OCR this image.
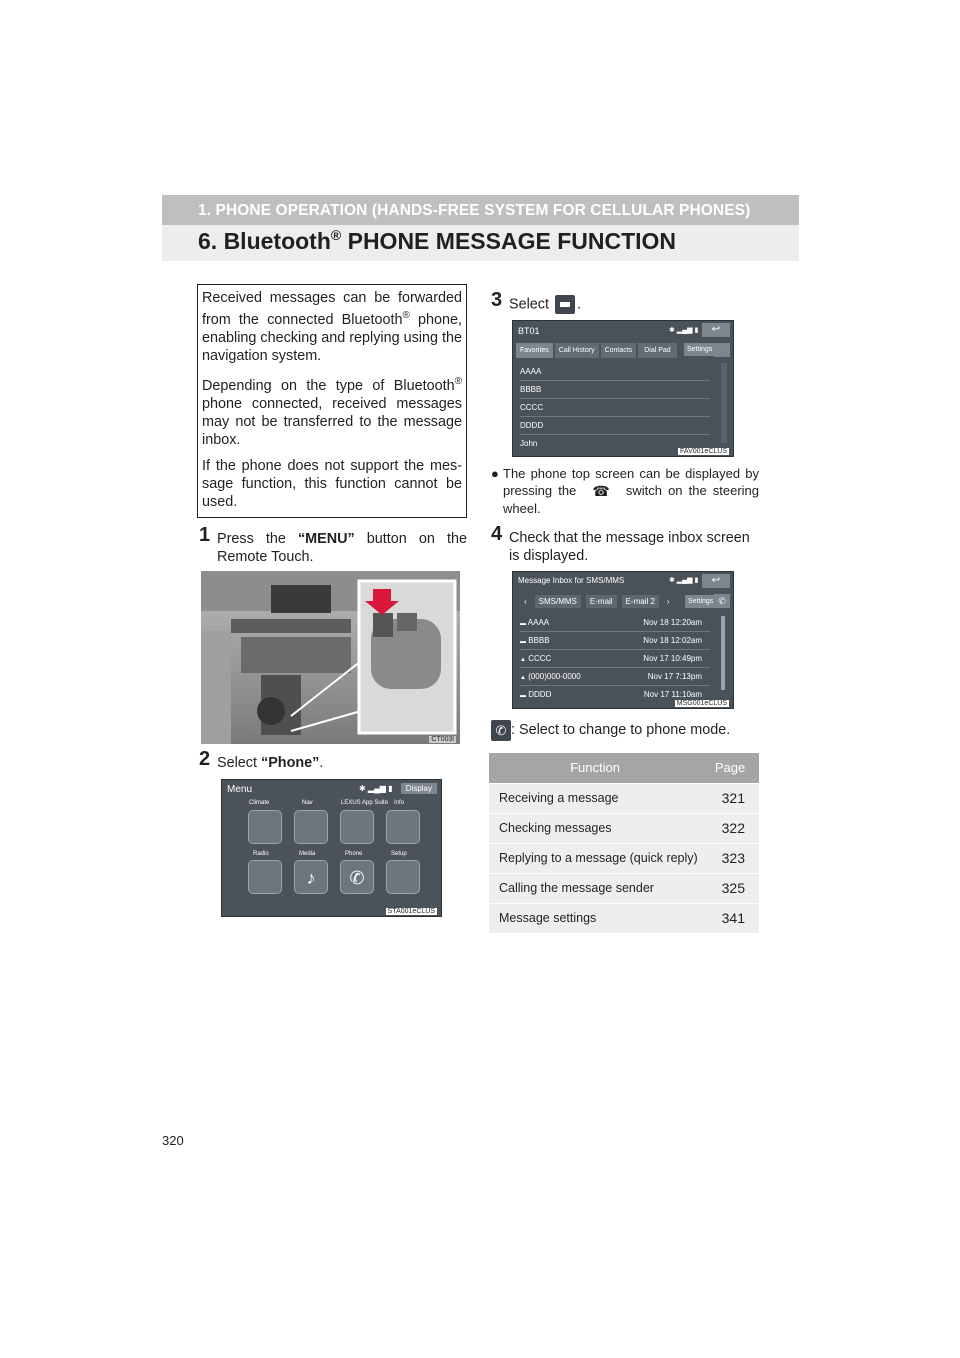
1. PHONE OPERATION (HANDS-FREE SYSTEM FOR CELLULAR PHONES)
6. Bluetooth® PHONE MESSAGE FUNCTION

Received messages can be forwarded from the connected Bluetooth® phone, enabling checking and replying using the navigation system.

Depending on the type of Bluetooth® phone connected, received messages may not be transferred to the message inbox.

If the phone does not support the mes- sage function, this function cannot be used.

1 Press the “MENU” button on the Remote Touch.
CT003l
2 Select “Phone”.
Menu	Display
✱ ▂▄▆ ▮
Climate	Nav	LEXUS App Suite Info
Radio	Media	Phone	Setup
♪	✆
STA001eCLUS
3 Select .
BT01	✱ ▂▄▆ ▮	↩
Favorites	Call History	Contacts	Dial Pad	Settings
AAAA
BBBB
CCCC
DDDD
John
FAV001eCLUS
● The phone top screen can be displayed by pressing the ☎ switch on the steering wheel.
4 Check that the message inbox screen is displayed.
Message Inbox for SMS/MMS	✱ ▂▄▆ ▮	↩
‹	SMS/MMS	E-mail	E-mail 2	›	Settings ✆
▬ AAAA	Nov 18 12:20am
▬ BBBB	Nov 18 12:02am
▲ CCCC	Nov 17 10:49pm
▲ (000)000-0000	Nov 17 7:13pm
▬ DDDD	Nov 17 11:10am
MSG001eCLUS
✆ : Select to change to phone mode.
Function	Page
Receiving a message	321
Checking messages	322
Replying to a message (quick reply)	323
Calling the message sender	325
Message settings	341
320
